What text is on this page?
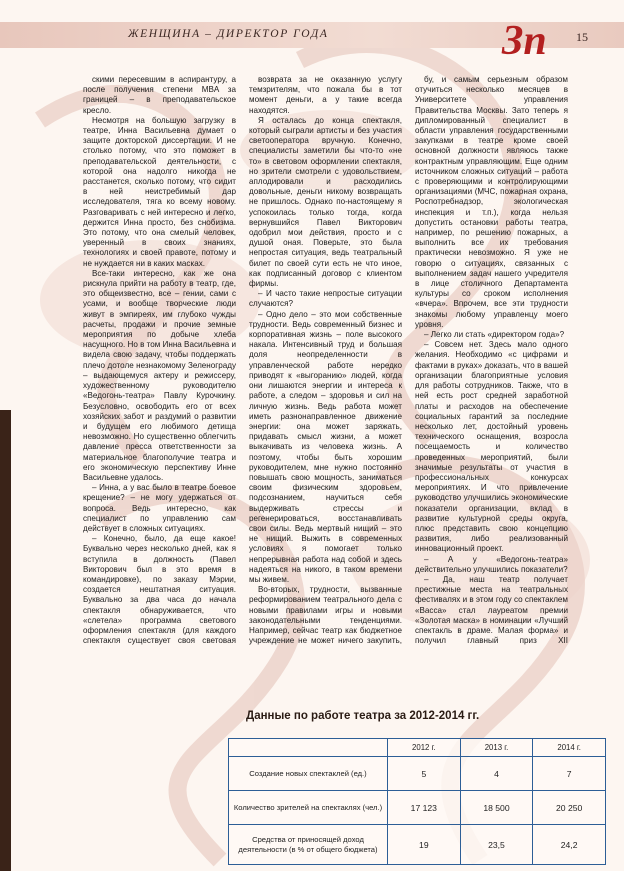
ЖЕНЩИНА – ДИРЕКТОР ГОДА	Зп 15

скими пересевшим в аспирантуру, а после получения степени MBA за границей – в преподавательское кресло.

Несмотря на большую загрузку в театре, Инна Васильевна думает о защите докторской диссертации. И не столько потому, что это поможет в преподавательской деятельности, с которой она надолго никогда не расстанется, сколько потому, что сидит в ней неистребимый дар исследователя, тяга ко всему новому. Разговаривать с ней интересно и легко, держится Инна просто, без снобизма. Это потому, что она смелый человек, уверенный в своих знаниях, технологиях и своей правоте, потому и не нуждается ни в каких масках.

Все-таки интересно, как же она рискнула прийти на работу в театр, где, это общеизвестно, все – гении, сами с усами, и вообще творческие люди живут в эмпиреях, им глубоко чужды расчеты, продажи и прочие земные мероприятия по добыче хлеба насущного. Но в том Инна Васильевна и видела свою задачу, чтобы поддержать плечо дотоле незнакомому Зеленограду – выдающемуся актеру и режиссеру, художественному руководителю «Ведогонь-театра» Павлу Курочкину. Безусловно, освободить его от всех хозяйских забот и раздумий о развитии и будущем его любимого детища невозможно. Но существенно облегчить давление пресса ответственности за материальное благополучие театра и его экономическую перспективу Инне Васильевне удалось.

– Инна, а у вас было в театре боевое крещение? – не могу удержаться от вопроса. Ведь интересно, как специалист по управлению сам действует в сложных ситуациях.

– Конечно, было, да еще какое! Буквально через несколько дней, как я вступила в должность (Павел Викторович был в это время в командировке), по заказу Мэрии, создается нештатная ситуация. Буквально за два часа до начала спектакля обнаруживается, что «слетела» программа светового оформления спектакля (для каждого спектакля существует своя световая

возврата за не оказанную услугу темзрителям, что пожала бы в тот момент деньги, а у такие всегда находятся.

Я осталась до конца спектакля, который сыграли артисты и без участия светооператора вручную. Конечно, специалисты заметили бы что-то «не то» в световом оформлении спектакля, но зрители смотрели с удовольствием, аплодировали и расходились довольные, деньги никому возвращать не пришлось. Однако по-настоящему я успокоилась только тогда, когда вернувшийся Павел Викторович одобрил мои действия, просто и с душой оная. Поверьте, это была непростая ситуация, ведь театральный билет по своей сути есть не что иное, как подписанный договор с клиентом фирмы.

– И часто такие непростые ситуации случаются?

– Одно дело – это мои собственные трудности. Ведь современный бизнес и корпоративная жизнь – поле высокого накала. Интенсивный труд и большая доля неопределенности в управленческой работе нередко приводят к «выгоранию» людей, когда они лишаются энергии и интереса к работе, а следом – здоровья и сил на личную жизнь. Ведь работа может иметь разнонаправленное движение энергии: она может заряжать, придавать смысл жизни, а может выкачивать из человека жизнь. А поэтому, чтобы быть хорошим руководителем, мне нужно постоянно повышать свою мощность, заниматься своим физическим здоровьем, подсознанием, научиться себя выдерживать стрессы и регенерироваться, восстанавливать свои силы. Ведь мертвый нищий – это не нищий. Выжить в современных условиях я помогает только непрерывная работа над собой и здесь надеяться на никого, в таком времени мы живем.

Во-вторых, трудности, вызванные реформированием театрального дела с новыми правилами игры и новыми законодательными тенденциями. Например, сейчас театр как бюджетное учреждение не может ничего закупить,

бу, и самым серьезным образом отучиться несколько месяцев в Университете управления Правительства Москвы. Зато теперь я дипломированный специалист в области управления государственными закупками в театре кроме своей основной должности являюсь также контрактным управляющим. Еще одним источником сложных ситуаций – работа с проверяющими и контролирующими организациями (МЧС, пожарная охрана, Роспотребнадзор, экологическая инспекция и т.п.), когда нельзя допустить остановки работы театра, например, по решению пожарных, а выполнить все их требования практически невозможно. Я уже не говорю о ситуациях, связанных с выполнением задач нашего учредителя в лице столичного Департамента культуры со сроком исполнения «вчера». Впрочем, все эти трудности знакомы любому управленцу моего уровня.

– Легко ли стать «директором года»?

– Совсем нет. Здесь мало одного желания. Необходимо «с цифрами и фактами в руках» доказать, что в вашей организации благоприятные условия для работы сотрудников. Также, что в ней есть рост средней заработной платы и расходов на обеспечение социальных гарантий за последние несколько лет, достойный уровень технического оснащения, возросла посещаемость и количество проведенных мероприятий, были значимые результаты от участия в профессиональных конкурсах мероприятиях. И что привлечение руководство улучшились экономические показатели организации, вклад в развитие культурной среды округа, плюс представить свою концепцию развития, либо реализованный инновационный проект.

– А у «Ведогонь-театра» действительно улучшились показатели?

– Да, наш театр получает престижные места на театральных фестивалях и в этом году со спектаклем «Васса» стал лауреатом премии «Золотая маска» в номинации «Лучший спектакль в драме. Малая форма» и получил главный приз XII

Данные по работе театра за 2012-2014 гг.
	2012 г.	2013 г.	2014 г.
Создание новых спектаклей (ед.)	5	4	7
Количество зрителей на спектаклях (чел.)	17 123	18 500	20 250
Средства от приносящей доход деятельности (в % от общего бюджета)	19	23,5	24,2
